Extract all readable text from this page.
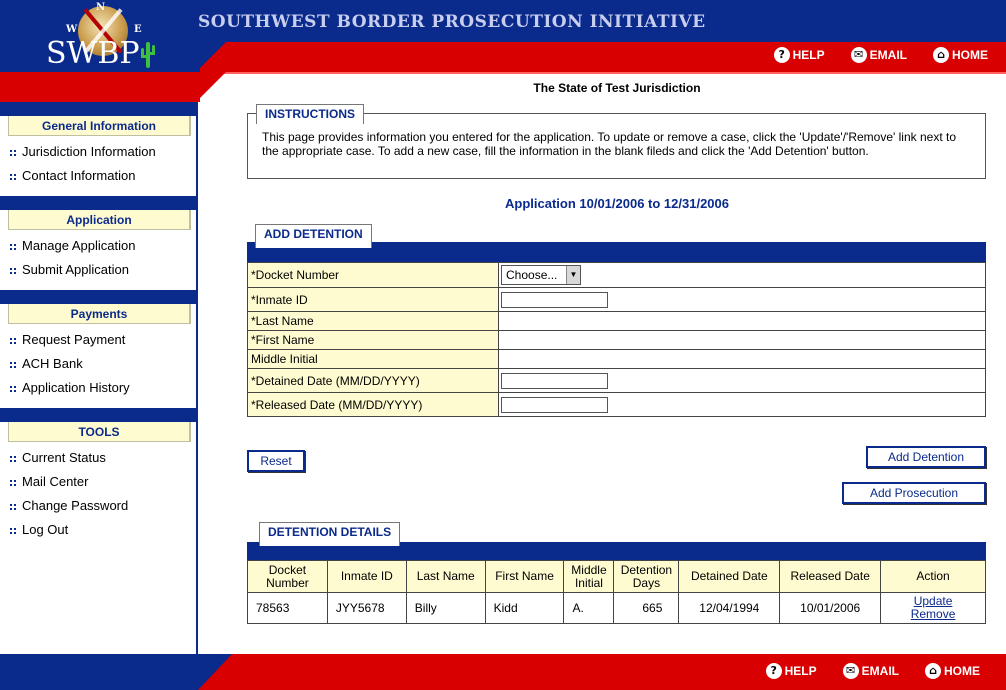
N
W	E
SWBP
SOUTHWEST BORDER PROSECUTION INITIATIVE
? HELP	✉ EMAIL	⌂ HOME
General Information
Jurisdiction Information
Contact Information
Application
Manage Application
Submit Application
Payments
Request Payment
ACH Bank
Application History
TOOLS
Current Status
Mail Center
Change Password
Log Out
The State of Test Jurisdiction
This page provides information you entered for the application. To update or remove a case, click the 'Update'/'Remove' link next to the appropriate case. To add a new case, fill the information in the blank fileds and click the 'Add Detention' button.
INSTRUCTIONS
Application 10/01/2006 to 12/31/2006
ADD DETENTION
*Docket Number	Choose... ▼

*Inmate ID	

*Last Name	
*First Name	
Middle Initial	
*Detained Date (MM/DD/YYYY)	

*Released Date (MM/DD/YYYY)	
Reset	Add Detention
Add Prosecution
DETENTION DETAILS
Docket Number	Inmate ID	Last Name	First Name	Middle Initial	Detention Days	Detained Date	Released Date	Action
78563	JYY5678	Billy	Kidd	A.	665	12/04/1994	10/01/2006	Update
Remove
? HELP	✉ EMAIL	⌂ HOME
